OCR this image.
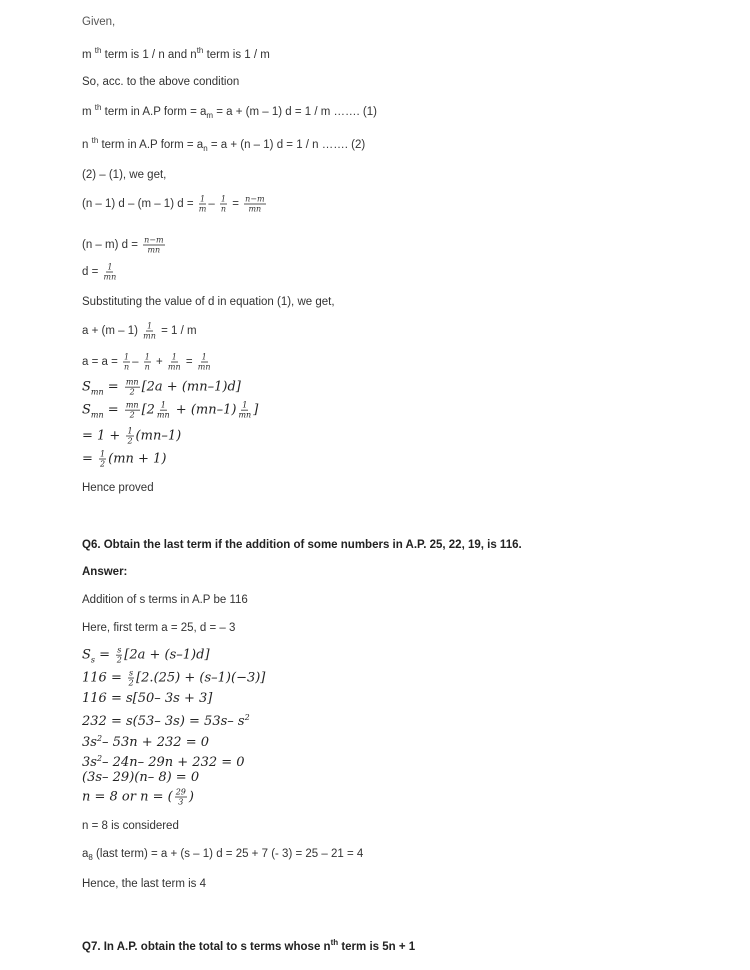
Given,
m $^{th}$ term is 1 / n and $n^{th}$ term is 1 / m
So, acc. to the above condition
m $^{th}$ term in A.P form = $a_m = a + (m - 1) d = 1 / m$ ……. (1)
n $^{th}$ term in A.P form = $a_n = a + (n - 1) d = 1 / n$ ……. (2)
(2) – (1), we get,
(n – 1) d – (m – 1) $d = \frac{1}{m} - \frac{1}{n} = \frac{n-m}{mn}$
(n – m) $d = \frac{n-m}{mn}$
$d = \frac{1}{mn}$
Substituting the value of d in equation (1), we get,
$a + (m - 1) \frac{1}{mn} = 1 / m$
$a = a = \frac{1}{n} - \frac{1}{n} + \frac{1}{mn} = \frac{1}{mn}$
$S_{mn} = \frac{mn}{2} [2a + (mn-1)d]$
$S_{mn} = \frac{mn}{2} [2 \frac{1}{mn} + (mn-1) \frac{1}{mn}$ ]
= $1 + \frac{1}{2} (mn-1)$
= $\frac{1}{2} (mn + 1)$
Hence proved
Q6. Obtain the last term if the addition of some numbers in A.P. 25, 22, 19, is 116.
Answer:
Addition of s terms in A.P be 116
Here, first term a = 25, d = – 3
$S_s = \frac{s}{2} [2a + (s-1)d]$
$116 = \frac{s}{2} [2.(25) + (s-1)(-3)]$
116 = s[50– 3s + 3]
232 = s(53– 3s) = 53s– $s^2$
$3s^2-$ 53n + 232 = 0
$3s^2-$ 24n– 29n + 232 = 0
(3s– 29)(n– 8) = 0
n = 8 or n = ( $\frac{29}{3}$ )
n = 8 is considered
$a_8$ (last term) = a + (s – 1) d = 25 + 7 (- 3) = 25 – 21 = 4
Hence, the last term is 4
Q7. In A.P. obtain the total to s terms whose $n^{th}$ term is 5n + 1
